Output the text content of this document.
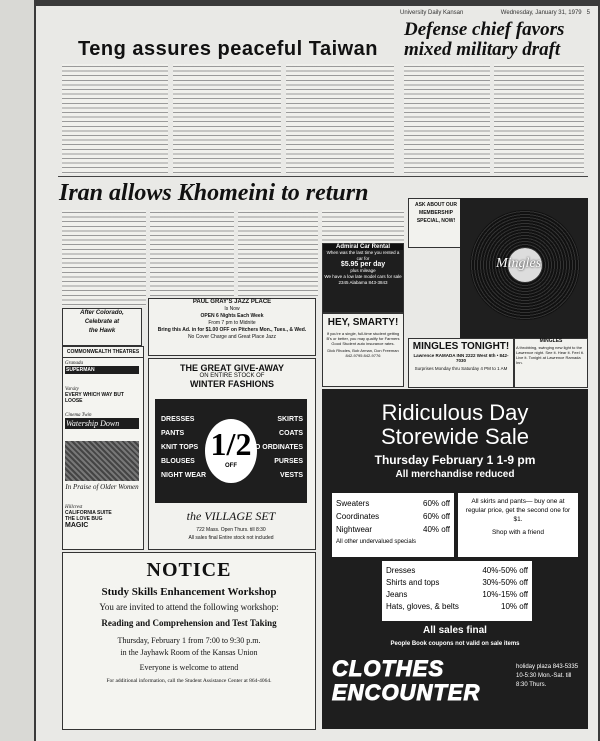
University Daily Kansan	Wednesday, January 31, 1979 5
Teng assures peaceful Taiwan
Defense chief favors mixed military draft
Iran allows Khomeini to return
After Colorado,
Celebrate at
the Hawk
COMMONWEALTH THEATRES
Granada
SUPERMAN
Varsity
EVERY WHICH WAY BUT LOOSE
Cinema Twin
Watership Down
In Praise of Older Women
Hillcrest
CALIFORNIA SUITE
THE LOVE BUG
MAGIC
PAUL GRAY'S JAZZ PLACE
Is Now
OPEN 6 Nights Each Week
From 7 pm to Midnite
Bring this Ad. in for $1.00 OFF on Pitchers Mon., Tues., & Wed.
No Cover Charge and Great Place Jazz
THE GREAT GIVE-AWAY
ON ENTIRE STOCK OF
WINTER FASHIONS
DRESSES
PANTS
KNIT TOPS
BLOUSES
NIGHT WEAR
1/2
OFF
SKIRTS
COATS
CO ORDINATES
PURSES
VESTS
the VILLAGE SET
722 Mass. Open Thurs. till 8:30
All sales final Entire stock not included
ASK ABOUT OUR MEMBERSHIP SPECIAL, NOW!
Mingles
Admiral Car Rental
When was the last time you rented a car for
$5.95 per day
plus mileage
We have a low late model cars for sale
2345 Alabama 843-3843
HEY, SMARTY!
If you're a single, full-time student getting B's or better, you may qualify for Farmers Good Student auto insurance rates.
Dick Rhodes, Bob Arman, Don Freeman
842-9795 842-9776
MINGLES TONIGHT!
Lawrence RAMADA INN 2222 West 6th • 842-7030
Surprises Monday thru Saturday 4 PM to 1 AM
MINGLES
A throbbing, swinging new light to the Lawrence night. See it. Hear it. Feel it. Live it. Tonight at Lawrence Ramada Inn.
Ridiculous Day
Storewide Sale
Thursday February 1 1-9 pm
All merchandise reduced
Sweaters	60% off
Coordinates	60% off
Nightwear	40% off
All other undervalued specials
All skirts and pants— buy one at regular price, get the second one for $1.
Shop with a friend
Dresses	40%-50% off
Shirts and tops	30%-50% off
Jeans	10%-15% off
Hats, gloves, & belts	10% off
All sales final
People Book coupons not valid on sale items
CLOTHES ENCOUNTER
holiday plaza 843-5335 10-5:30 Mon.-Sat. till 8:30 Thurs.
NOTICE
Study Skills Enhancement Workshop
You are invited to attend the following workshop:
Reading and Comprehension and Test Taking
Thursday, February 1 from 7:00 to 9:30 p.m.
in the Jayhawk Room of the Kansas Union
Everyone is welcome to attend
For additional information, call the Student Assistance Center at 864-4064.
